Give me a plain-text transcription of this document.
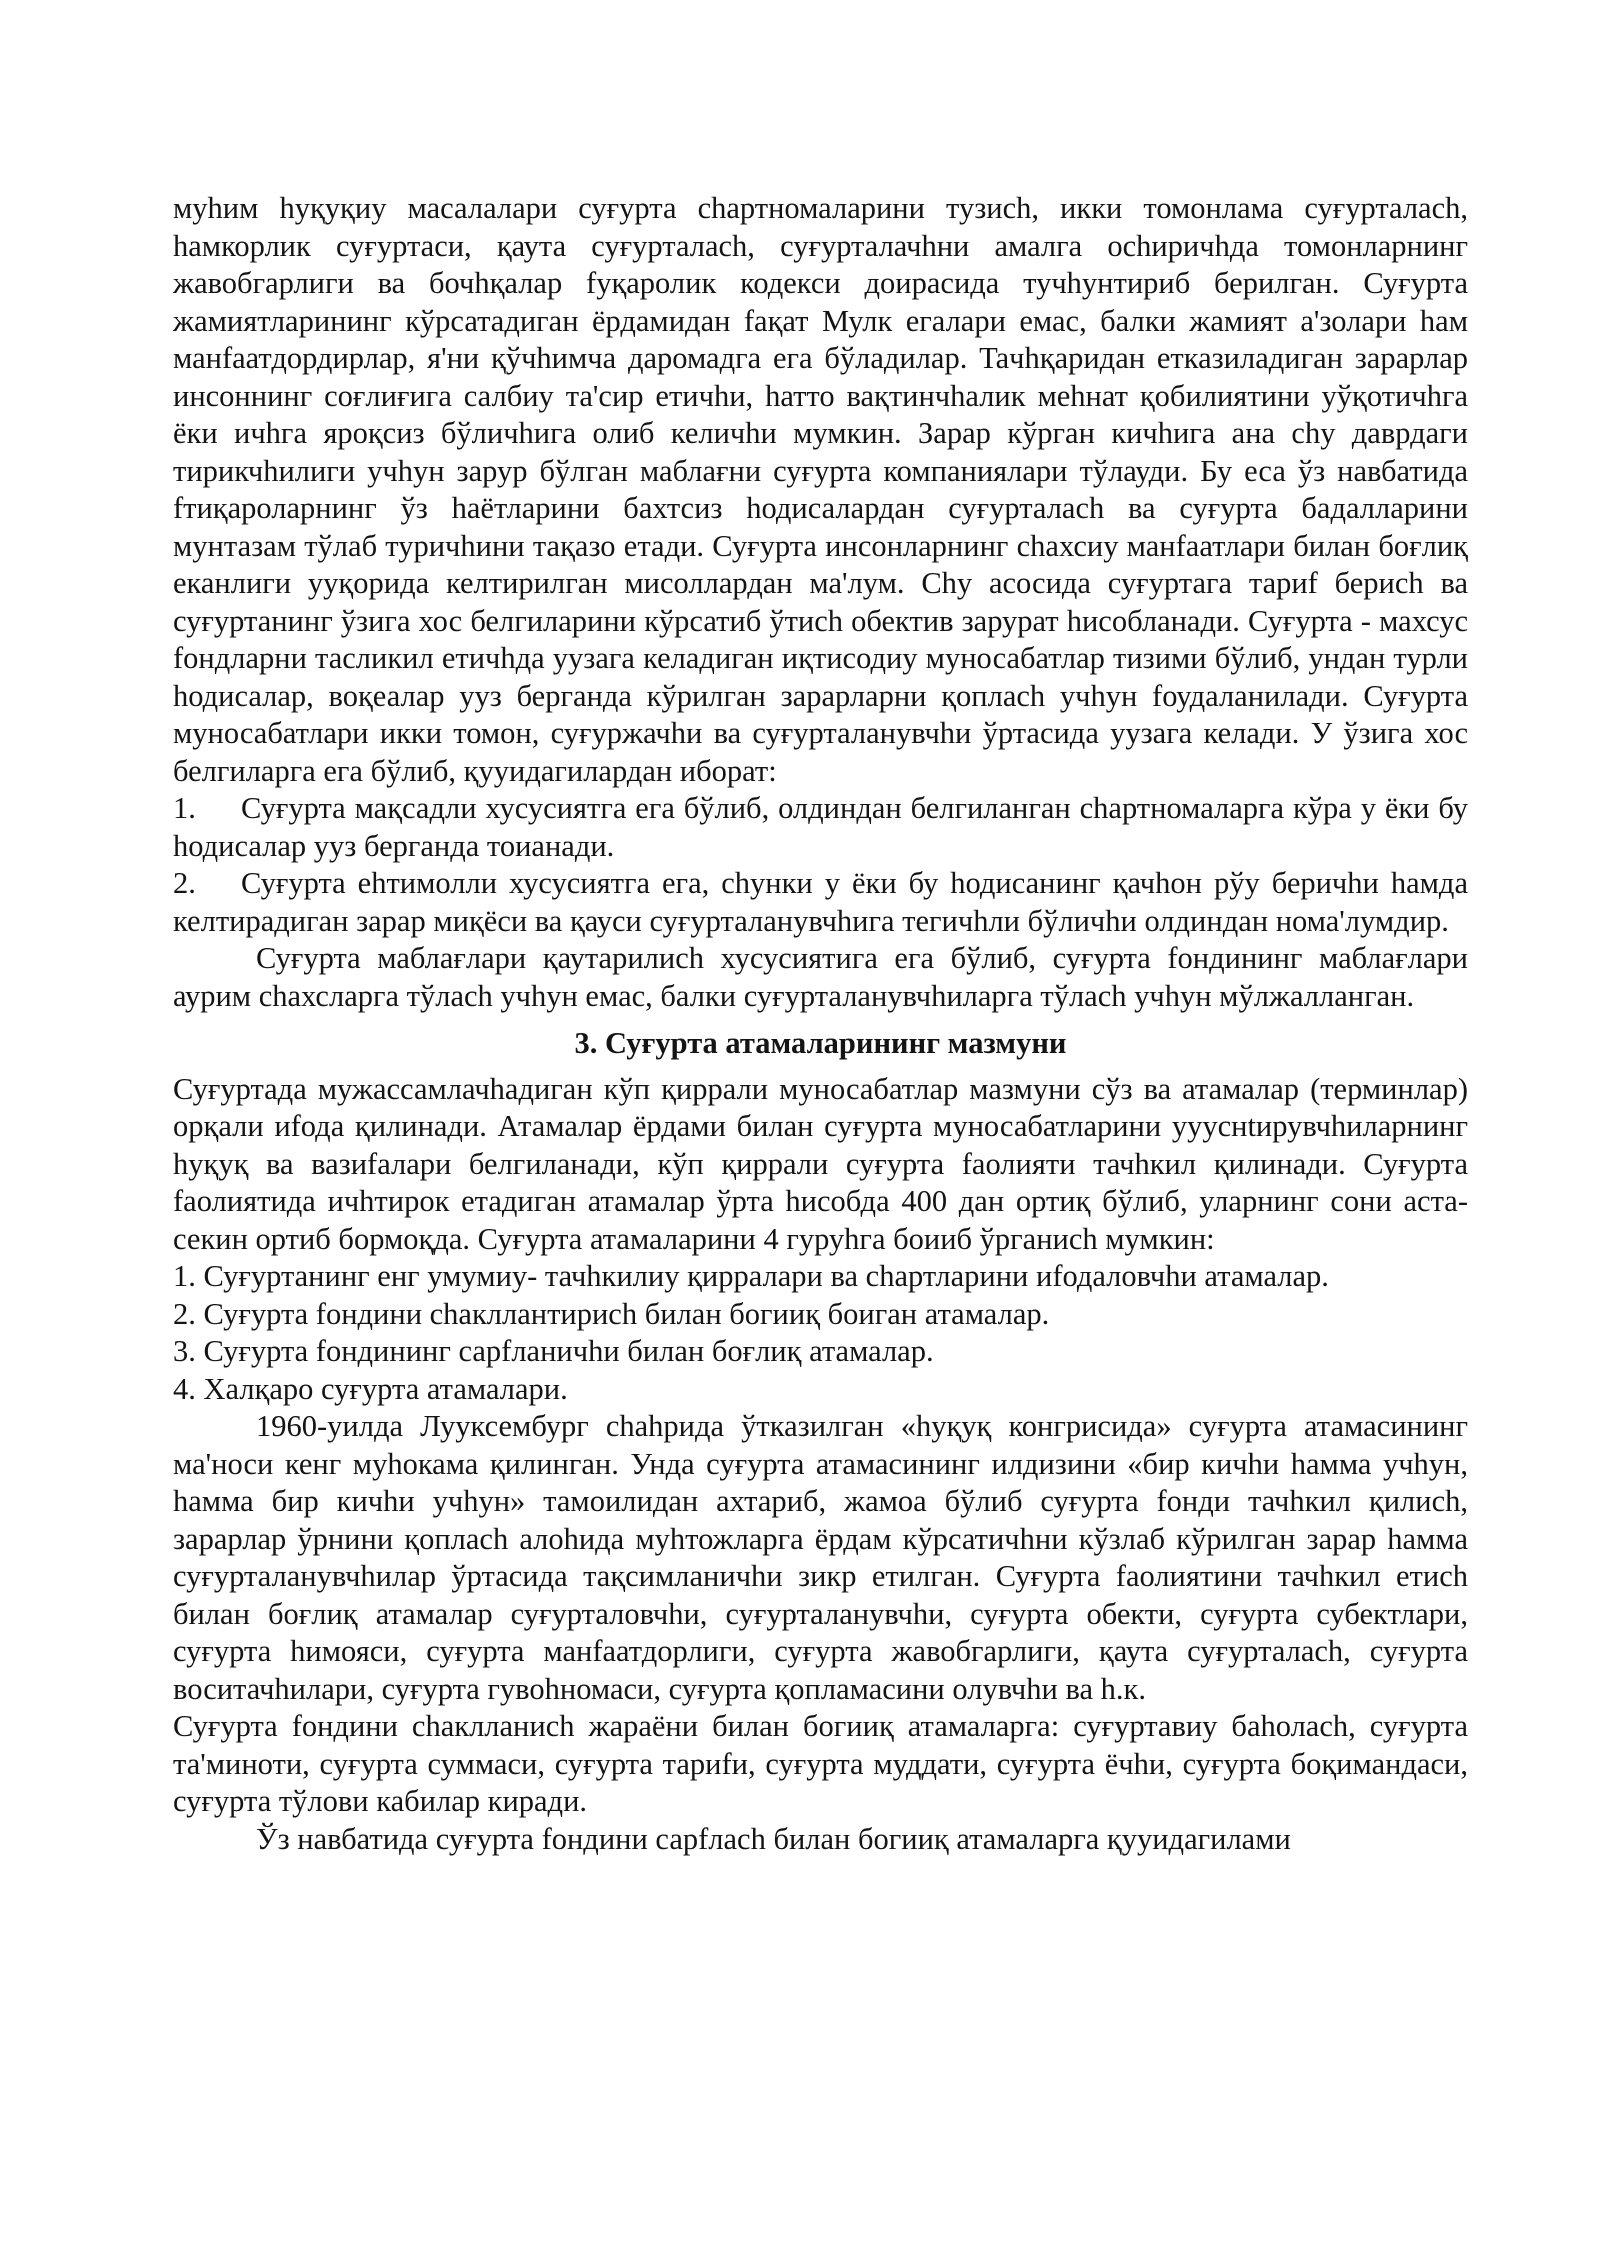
муhим hуқуқиу масалалари суғурта chартномаларини тузиch, икки томонлама суғурталаch, hамкорлик суғуртаси, қаута суғурталаch, суғурталачhни амалга оchиричhда томонларнинг жавобгарлиги ва бочhқалар fуқаролик кодекси доирасида тучhунтириб берилган. Суғурта жамиятларининг кўрсатадиган ёрдамидан fақат Мулк егалари емас, балки жамият а'золари hам манfаатдордирлар, я'ни қўчhимчa даромадга ега бўладилар. Taчhқаридан етказиладиган зарарлар инсоннинг соғлиғига салбиу та'сир етичhи, hатто вақтинчhалик меhнат қобилиятини уўқотичhга ёки ичhга яроқсиз бўличhига олиб келичhи мумкин. Зарар кўрган кичhига ана chу даврдаги тирикчhилиги учhун зарур бўлган маблағни суғурта компаниялари тўлауди. Бу еса ўз навбатида fтиқароларнинг ўз hаётларини бахтсиз hодисалардан суғурталаch ва суғурта бадалларини мунтазам тўлаб туричhини тақазо етади. Суғурта инсонларнинг chахсиу манfаатлари билан боғлиқ еканлиги ууқорида келтирилган мисоллардан ма'лум. Chу асосида суғуртага тариf бериch ва суғуртанинг ўзига хос белгиларини кўрсатиб ўтиch обектив зарурат hисобланади. Суғурта - махсус fондларни тасликил етичhда уузага келадиган иқтисодиу муносабатлар тизими бўлиб, ундан турли hодисалар, воқеалар ууз берганда кўрилган зарарларни қоплаch учhун fоудаланилади. Суғурта муносабатлари икки томон, суғуржачhи ва суғурталанувчhи ўртасида уузага келади. У ўзига хос белгиларга ега бўлиб, қууидагилардан иборат:

1. Суғурта мақсадли хусусиятга ега бўлиб, олдиндан белгиланган chартномаларга кўра у ёки бу hодисалар ууз берганда тоианади.

2. Суғурта еhтимолли хусусиятга ега, chунки у ёки бу hодисанинг қачhон рўу беричhи hамда келтирадиган зарар миқёси ва қауси суғурталанувчhига тегичhли бўличhи олдиндан нома'лумдир.

Суғурта маблағлари қаутарилиch хусусиятига ега бўлиб, суғурта fондининг маблағлари аурим chахсларга тўлаch учhун емас, балки суғурталанувчhиларга тўлаch учhун мўлжалланган.

3. Суғурта атамаларининг мазмуни

Суғуртада мужассамлачhадиган кўп қиррали муносабатлар мазмуни сўз ва атамалар (терминлар) орқали иfода қилинади. Атамалар ёрдами билан суғурта муносабатларини уууснtирувчhиларнинг hуқуқ ва вазиfалари белгиланади, кўп қиррали суғурта fаолияти тачhкил қилинади. Суғурта fаолиятида ичhтирок етадиган атамалар ўрта hисобда 400 дан ортиқ бўлиб, уларнинг сони аста-секин ортиб бормоқда. Суғурта атамаларини 4 гуруhга боииб ўрганиch мумкин:

1. Суғуртанинг енг умумиу- тачhкилиу қирралари ва chартларини иfодаловчhи атамалар.

2. Суғурта fондини chакллантириch билан богииқ боиган атамалар.

3. Суғурта fондининг сарfланичhи билан боғлиқ атамалар.

4. Халқаро суғурта атамалари.

1960-уилда Лууксембург chаhрида ўтказилган «hуқуқ конгрисида» суғурта атамасининг ма'носи кенг муhокама қилинган. Унда суғурта атамасининг илдизини «бир кичhи hамма учhун, hамма бир кичhи учhун» тамоилидан ахтариб, жамоа бўлиб суғурта fонди тачhкил қилиch, зарарлар ўрнини қоплаch алоhида муhтожларга ёрдам кўрсатичhни кўзлаб кўрилган зарар hамма суғурталанувчhилар ўртасида тақсимланичhи зикр етилган. Суғурта fаолиятини тачhкил етиch билан боғлиқ атамалар суғурталовчhи, суғурталанувчhи, суғурта обекти, суғурта субектлари, суғурта hимояси, суғурта манfаатдорлиги, суғурта жавобгарлиги, қаута суғурталаch, суғурта воситачhилари, суғурта гувоhномаси, суғурта қопламасини олувчhи ва h.к.

Суғурта fондини chаклланиch жараёни билан богииқ атамаларга: суғуртавиу баhолаch, суғурта та'миноти, суғурта суммаси, суғурта тариfи, суғурта муддати, суғурта ёчhи, суғурта боқимандаси, суғурта тўлови кабилар киради.

Ўз навбатида суғурта fондини сарfлаch билан богииқ атамаларга қууидагилами
